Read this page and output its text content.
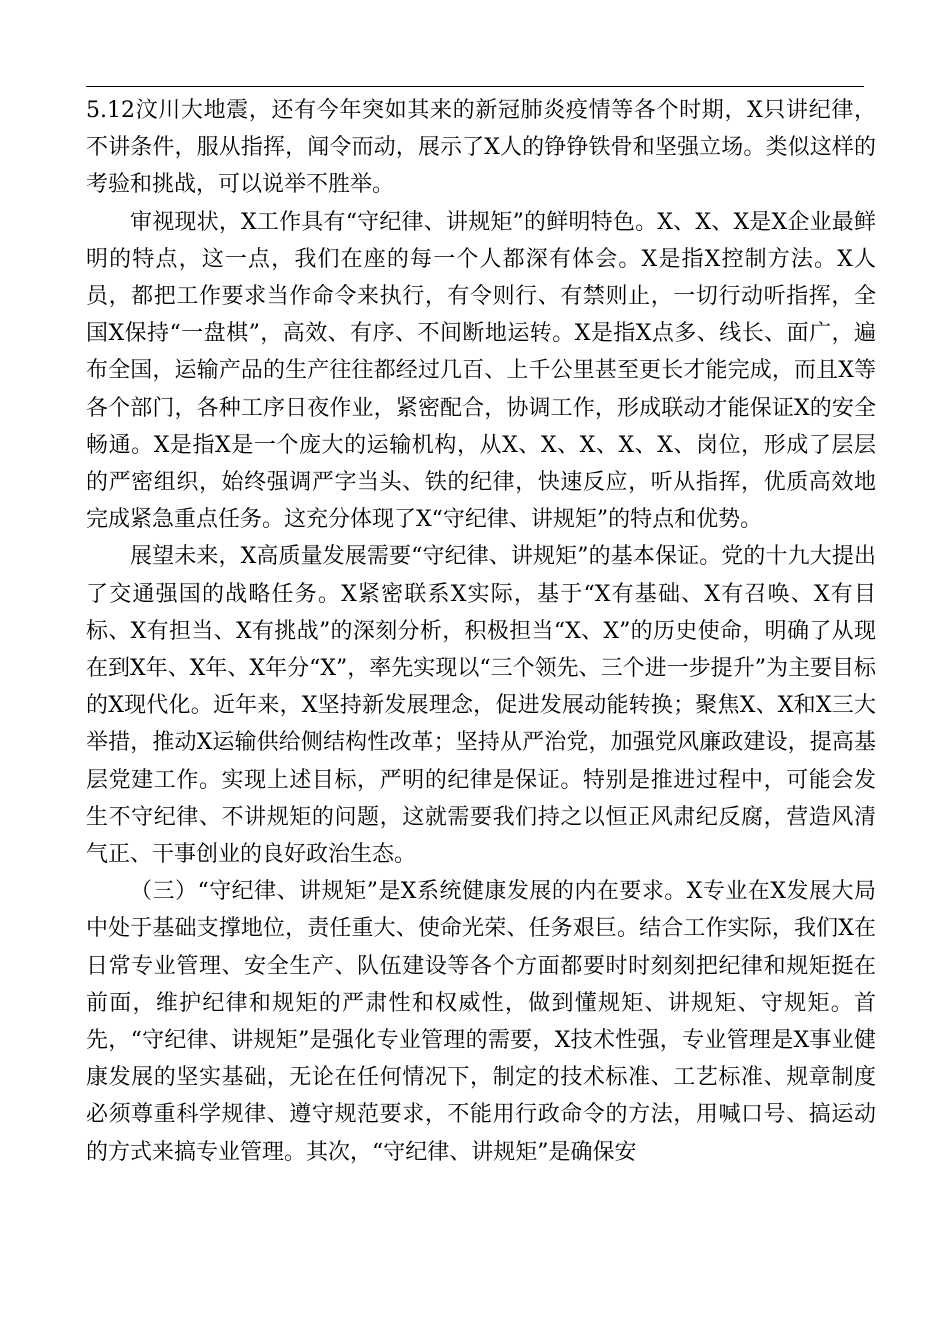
5.12汶川大地震，还有今年突如其来的新冠肺炎疫情等各个时期，X只讲纪律，不讲条件，服从指挥，闻令而动，展示了X人的铮铮铁骨和坚强立场。类似这样的考验和挑战，可以说举不胜举。

审视现状，X工作具有“守纪律、讲规矩”的鲜明特色。X、X、X是X企业最鲜明的特点，这一点，我们在座的每一个人都深有体会。X是指X控制方法。X人员，都把工作要求当作命令来执行，有令则行、有禁则止，一切行动听指挥，全国X保持“一盘棋”，高效、有序、不间断地运转。X是指X点多、线长、面广，遍布全国，运输产品的生产往往都经过几百、上千公里甚至更长才能完成，而且X等各个部门，各种工序日夜作业，紧密配合，协调工作，形成联动才能保证X的安全畅通。X是指X是一个庞大的运输机构，从X、X、X、X、X、岗位，形成了层层的严密组织，始终强调严字当头、铁的纪律，快速反应，听从指挥，优质高效地完成紧急重点任务。这充分体现了X“守纪律、讲规矩”的特点和优势。

展望未来，X高质量发展需要“守纪律、讲规矩”的基本保证。党的十九大提出了交通强国的战略任务。X紧密联系X实际，基于“X有基础、X有召唤、X有目标、X有担当、X有挑战”的深刻分析，积极担当“X、X”的历史使命，明确了从现在到X年、X年、X年分“X”，率先实现以“三个领先、三个进一步提升”为主要目标的X现代化。近年来，X坚持新发展理念，促进发展动能转换；聚焦X、X和X三大举措，推动X运输供给侧结构性改革；坚持从严治党，加强党风廉政建设，提高基层党建工作。实现上述目标，严明的纪律是保证。特别是推进过程中，可能会发生不守纪律、不讲规矩的问题，这就需要我们持之以恒正风肃纪反腐，营造风清气正、干事创业的良好政治生态。

（三）“守纪律、讲规矩”是X系统健康发展的内在要求。X专业在X发展大局中处于基础支撑地位，责任重大、使命光荣、任务艰巨。结合工作实际，我们X在日常专业管理、安全生产、队伍建设等各个方面都要时时刻刻把纪律和规矩挺在前面，维护纪律和规矩的严肃性和权威性，做到懂规矩、讲规矩、守规矩。首先，“守纪律、讲规矩”是强化专业管理的需要，X技术性强，专业管理是X事业健康发展的坚实基础，无论在任何情况下，制定的技术标准、工艺标准、规章制度必须尊重科学规律、遵守规范要求，不能用行政命令的方法，用喊口号、搞运动的方式来搞专业管理。其次，“守纪律、讲规矩”是确保安
